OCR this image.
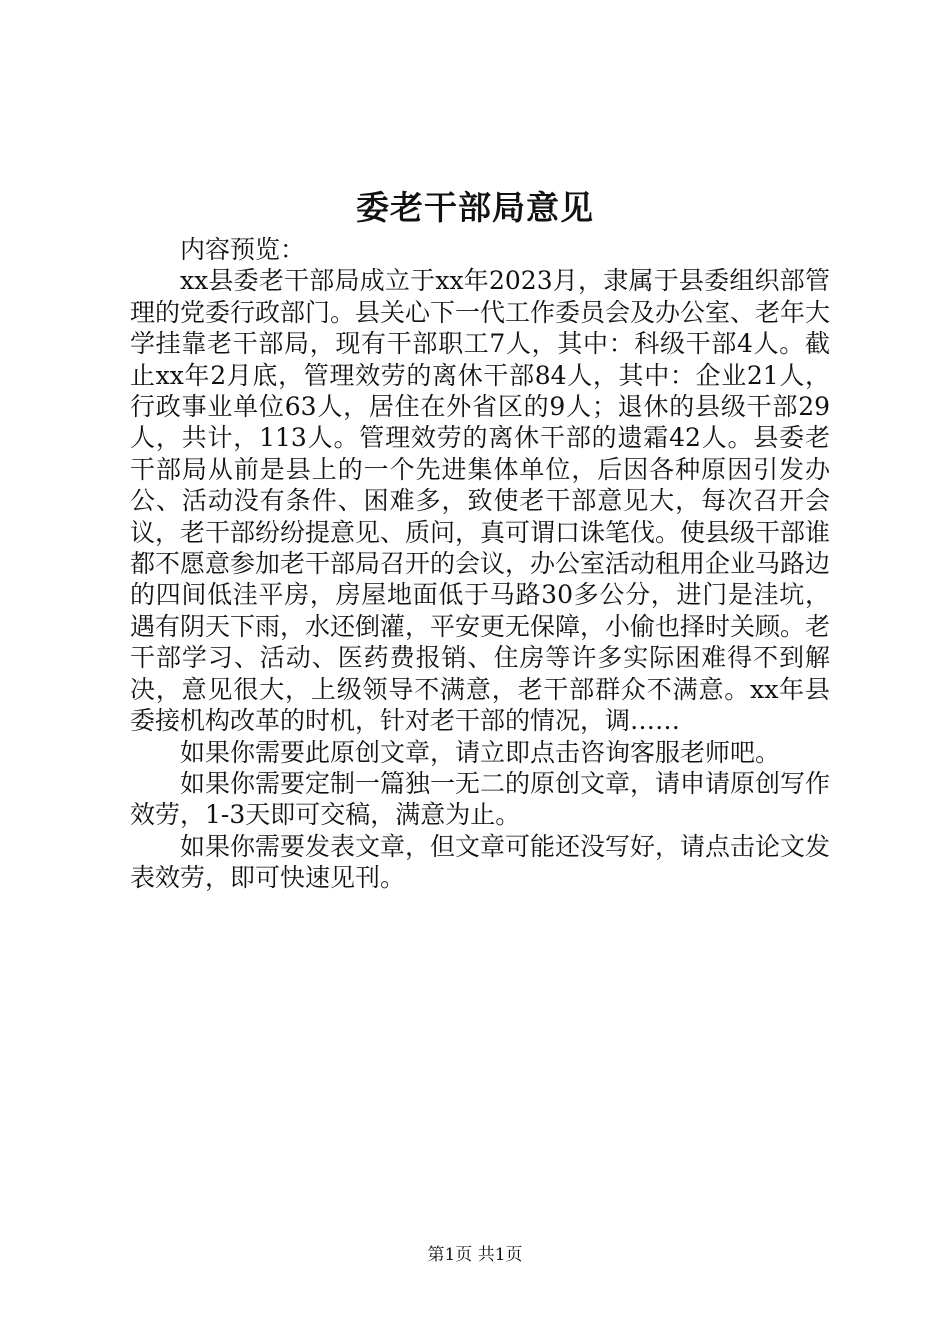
委老干部局意见

内容预览：

xx县委老干部局成立于xx年2023月，隶属于县委组织部管理的党委行政部门。县关心下一代工作委员会及办公室、老年大学挂靠老干部局，现有干部职工7人，其中：科级干部4人。截止xx年2月底，管理效劳的离休干部84人，其中：企业21人，行政事业单位63人，居住在外省区的9人；退休的县级干部29人，共计，113人。管理效劳的离休干部的遗霜42人。县委老干部局从前是县上的一个先进集体单位，后因各种原因引发办公、活动没有条件、困难多，致使老干部意见大，每次召开会议，老干部纷纷提意见、质问，真可谓口诛笔伐。使县级干部谁都不愿意参加老干部局召开的会议，办公室活动租用企业马路边的四间低洼平房，房屋地面低于马路30多公分，进门是洼坑，遇有阴天下雨，水还倒灌，平安更无保障，小偷也择时关顾。老干部学习、活动、医药费报销、住房等许多实际困难得不到解决，意见很大，上级领导不满意，老干部群众不满意。xx年县委接机构改革的时机，针对老干部的情况，调……

如果你需要此原创文章，请立即点击咨询客服老师吧。

如果你需要定制一篇独一无二的原创文章，请申请原创写作效劳，1-3天即可交稿，满意为止。

如果你需要发表文章，但文章可能还没写好，请点击论文发表效劳，即可快速见刊。

第1页 共1页
